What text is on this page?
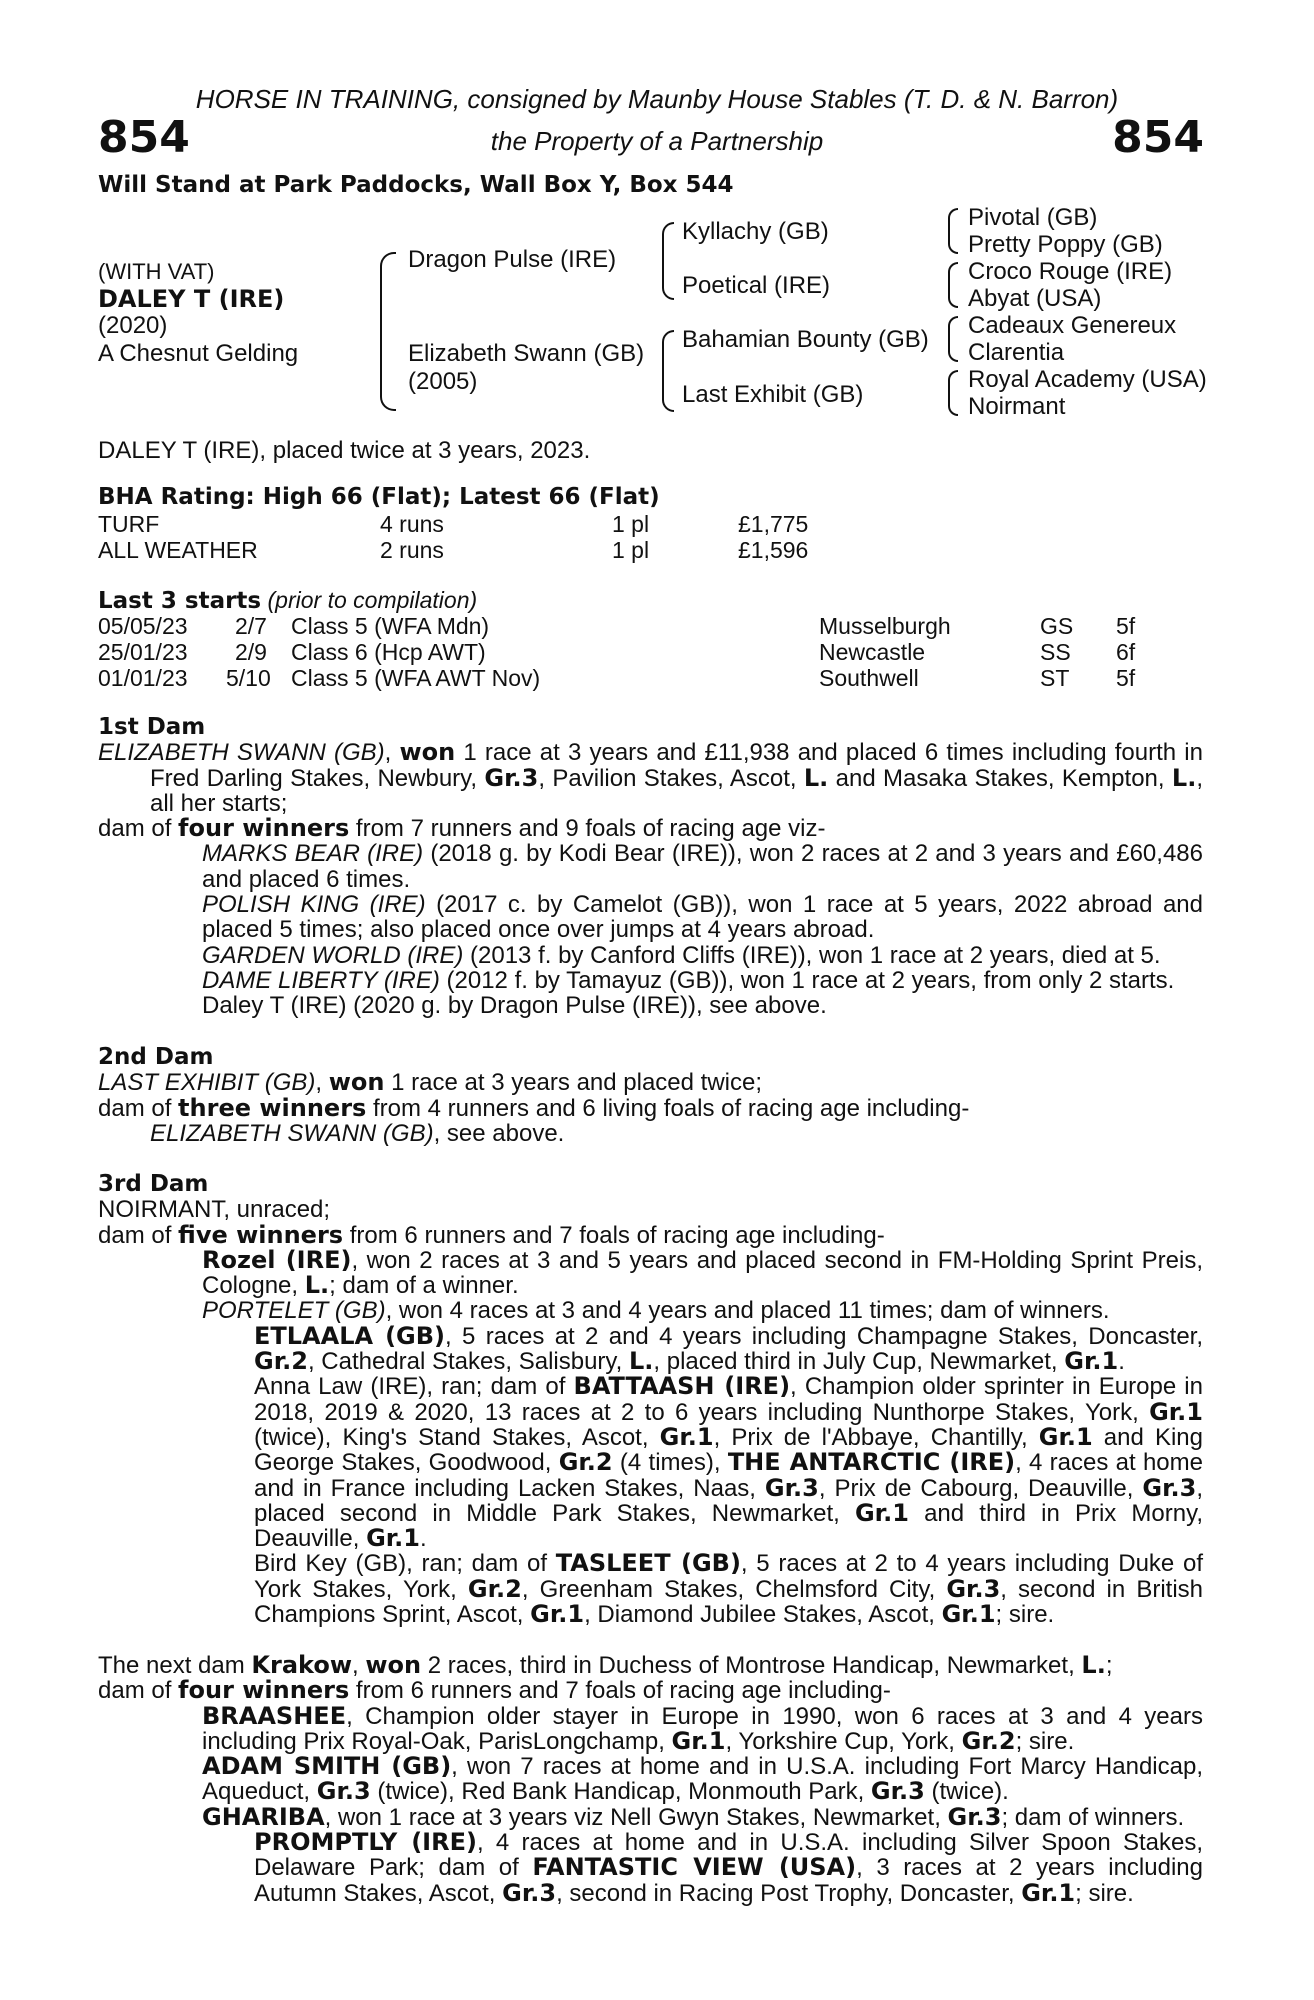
HORSE IN TRAINING, consigned by Maunby House Stables (T. D. & N. Barron)
the Property of a Partnership
854	854
Will Stand at Park Paddocks, Wall Box Y, Box 544
(WITH VAT)
DALEY T (IRE)
(2020)
A Chesnut Gelding
Dragon Pulse (IRE)
Elizabeth Swann (GB)
(2005)
Kyllachy (GB)
Poetical (IRE)
Bahamian Bounty (GB)
Last Exhibit (GB)
Pivotal (GB)
Pretty Poppy (GB)
Croco Rouge (IRE)
Abyat (USA)
Cadeaux Genereux
Clarentia
Royal Academy (USA)
Noirmant
DALEY T (IRE), placed twice at 3 years, 2023.
BHA Rating: High 66 (Flat); Latest 66 (Flat)
TURF	4 runs	1 pl	£1,775
ALL WEATHER	2 runs	1 pl	£1,596
Last 3 starts (prior to compilation)
05/05/23 2/7 Class 5 (WFA Mdn)	Musselburgh	GS 5f
25/01/23 2/9 Class 6 (Hcp AWT)	Newcastle	SS 6f
01/01/23 5/10 Class 5 (WFA AWT Nov)	Southwell	ST 5f

1st Dam

ELIZABETH SWANN (GB), won 1 race at 3 years and £11,938 and placed 6 times including fourth in Fred Darling Stakes, Newbury, Gr.3, Pavilion Stakes, Ascot, L. and Masaka Stakes, Kempton, L., all her starts;

dam of four winners from 7 runners and 9 foals of racing age viz-

MARKS BEAR (IRE) (2018 g. by Kodi Bear (IRE)), won 2 races at 2 and 3 years and £60,486 and placed 6 times.

POLISH KING (IRE) (2017 c. by Camelot (GB)), won 1 race at 5 years, 2022 abroad and placed 5 times; also placed once over jumps at 4 years abroad.

GARDEN WORLD (IRE) (2013 f. by Canford Cliffs (IRE)), won 1 race at 2 years, died at 5.

DAME LIBERTY (IRE) (2012 f. by Tamayuz (GB)), won 1 race at 2 years, from only 2 starts.

Daley T (IRE) (2020 g. by Dragon Pulse (IRE)), see above.

2nd Dam

LAST EXHIBIT (GB), won 1 race at 3 years and placed twice;

dam of three winners from 4 runners and 6 living foals of racing age including-

ELIZABETH SWANN (GB), see above.

3rd Dam

NOIRMANT, unraced;

dam of five winners from 6 runners and 7 foals of racing age including-

Rozel (IRE), won 2 races at 3 and 5 years and placed second in FM-Holding Sprint Preis, Cologne, L.; dam of a winner.

PORTELET (GB), won 4 races at 3 and 4 years and placed 11 times; dam of winners.

ETLAALA (GB), 5 races at 2 and 4 years including Champagne Stakes, Doncaster, Gr.2, Cathedral Stakes, Salisbury, L., placed third in July Cup, Newmarket, Gr.1.

Anna Law (IRE), ran; dam of BATTAASH (IRE), Champion older sprinter in Europe in 2018, 2019 & 2020, 13 races at 2 to 6 years including Nunthorpe Stakes, York, Gr.1 (twice), King's Stand Stakes, Ascot, Gr.1, Prix de l'Abbaye, Chantilly, Gr.1 and King George Stakes, Goodwood, Gr.2 (4 times), THE ANTARCTIC (IRE), 4 races at home and in France including Lacken Stakes, Naas, Gr.3, Prix de Cabourg, Deauville, Gr.3, placed second in Middle Park Stakes, Newmarket, Gr.1 and third in Prix Morny, Deauville, Gr.1.

Bird Key (GB), ran; dam of TASLEET (GB), 5 races at 2 to 4 years including Duke of York Stakes, York, Gr.2, Greenham Stakes, Chelmsford City, Gr.3, second in British Champions Sprint, Ascot, Gr.1, Diamond Jubilee Stakes, Ascot, Gr.1; sire.

The next dam Krakow, won 2 races, third in Duchess of Montrose Handicap, Newmarket, L.;

dam of four winners from 6 runners and 7 foals of racing age including-

BRAASHEE, Champion older stayer in Europe in 1990, won 6 races at 3 and 4 years including Prix Royal-Oak, ParisLongchamp, Gr.1, Yorkshire Cup, York, Gr.2; sire.

ADAM SMITH (GB), won 7 races at home and in U.S.A. including Fort Marcy Handicap, Aqueduct, Gr.3 (twice), Red Bank Handicap, Monmouth Park, Gr.3 (twice).

GHARIBA, won 1 race at 3 years viz Nell Gwyn Stakes, Newmarket, Gr.3; dam of winners.

PROMPTLY (IRE), 4 races at home and in U.S.A. including Silver Spoon Stakes, Delaware Park; dam of FANTASTIC VIEW (USA), 3 races at 2 years including Autumn Stakes, Ascot, Gr.3, second in Racing Post Trophy, Doncaster, Gr.1; sire.
